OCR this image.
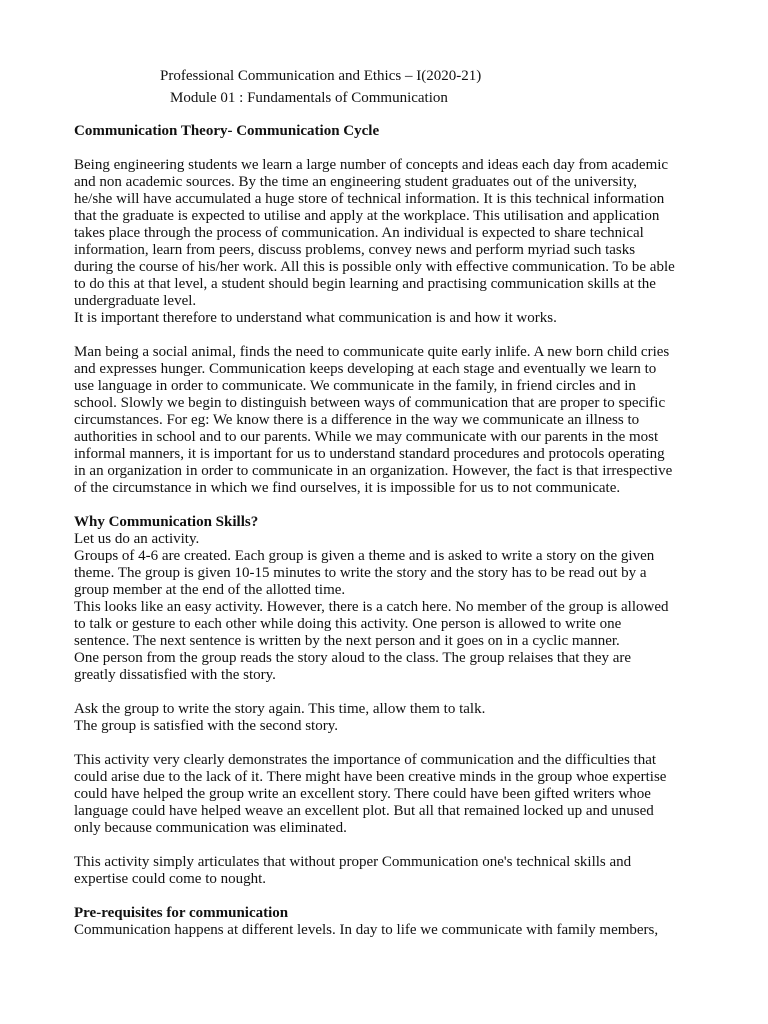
Professional Communication and Ethics – I(2020-21)
Module 01 : Fundamentals of Communication

Communication Theory- Communication Cycle

Being engineering students we learn a large number of concepts and ideas each day from academic
and non academic sources. By the time an engineering student graduates out of the university,
he/she will have accumulated a huge store of technical information. It is this technical information
that the graduate is expected to utilise and apply at the workplace. This utilisation and application
takes place through the process of communication. An individual is expected to share technical
information, learn from peers, discuss problems, convey news and perform myriad such tasks
during the course of his/her work. All this is possible only with effective communication. To be able
to do this at that level, a student should begin learning and practising communication skills at the
undergraduate level.
It is important therefore to understand what communication is and how it works.
Man being a social animal, finds the need to communicate quite early inlife. A new born child cries
and expresses hunger. Communication keeps developing at each stage and eventually we learn to
use language in order to communicate. We communicate in the family, in friend circles and in
school. Slowly we begin to distinguish between ways of communication that are proper to specific
circumstances. For eg: We know there is a difference in the way we communicate an illness to
authorities in school and to our parents. While we may communicate with our parents in the most
informal manners, it is important for us to understand standard procedures and protocols operating
in an organization in order to communicate in an organization. However, the fact is that irrespective
of the circumstance in which we find ourselves, it is impossible for us to not communicate.

Why Communication Skills?

Let us do an activity.
Groups of 4-6 are created. Each group is given a theme and is asked to write a story on the given
theme. The group is given 10-15 minutes to write the story and the story has to be read out by a
group member at the end of the allotted time.
This looks like an easy activity. However, there is a catch here. No member of the group is allowed
to talk or gesture to each other while doing this activity. One person is allowed to write one
sentence. The next sentence is written by the next person and it goes on in a cyclic manner.
One person from the group reads the story aloud to the class. The group relaises that they are
greatly dissatisfied with the story.
Ask the group to write the story again. This time, allow them to talk.
The group is satisfied with the second story.
This activity very clearly demonstrates the importance of communication and the difficulties that
could arise due to the lack of it. There might have been creative minds in the group whoe expertise
could have helped the group write an excellent story. There could have been gifted writers whoe
language could have helped weave an excellent plot. But all that remained locked up and unused
only because communication was eliminated.
This activity simply articulates that without proper Communication one's technical skills and
expertise could come to nought.

Pre-requisites for communication

Communication happens at different levels. In day to life we communicate with family members,
